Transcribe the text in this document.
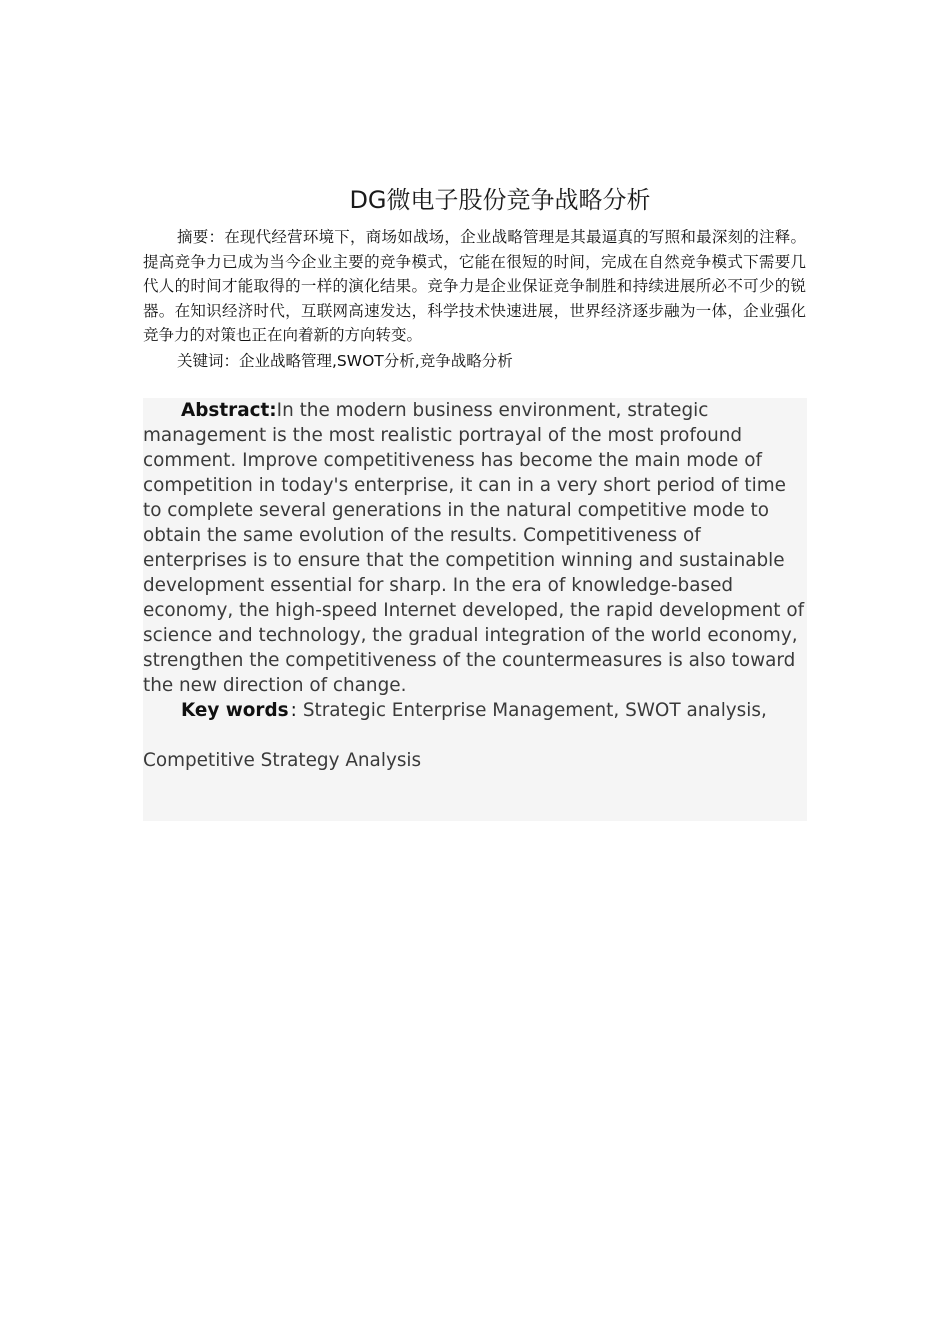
DG微电子股份竞争战略分析

摘要：在现代经营环境下，商场如战场，企业战略管理是其最逼真的写照和最深刻的注释。提高竞争力已成为当今企业主要的竞争模式，它能在很短的时间，完成在自然竞争模式下需要几代人的时间才能取得的一样的演化结果。竞争力是企业保证竞争制胜和持续进展所必不可少的锐器。在知识经济时代，互联网高速发达，科学技术快速进展，世界经济逐步融为一体，企业强化竞争力的对策也正在向着新的方向转变。

关键词：企业战略管理,SWOT分析,竞争战略分析

Abstract:In the modern business environment, strategic management is the most realistic portrayal of the most profound comment. Improve competitiveness has become the main mode of competition in today's enterprise, it can in a very short period of time to complete several generations in the natural competitive mode to obtain the same evolution of the results. Competitiveness of enterprises is to ensure that the competition winning and sustainable development essential for sharp. In the era of knowledge-based economy, the high-speed Internet developed, the rapid development of science and technology, the gradual integration of the world economy, strengthen the competitiveness of the countermeasures is also toward the new direction of change.

Key words : Strategic Enterprise Management, SWOT analysis, Competitive Strategy Analysis
